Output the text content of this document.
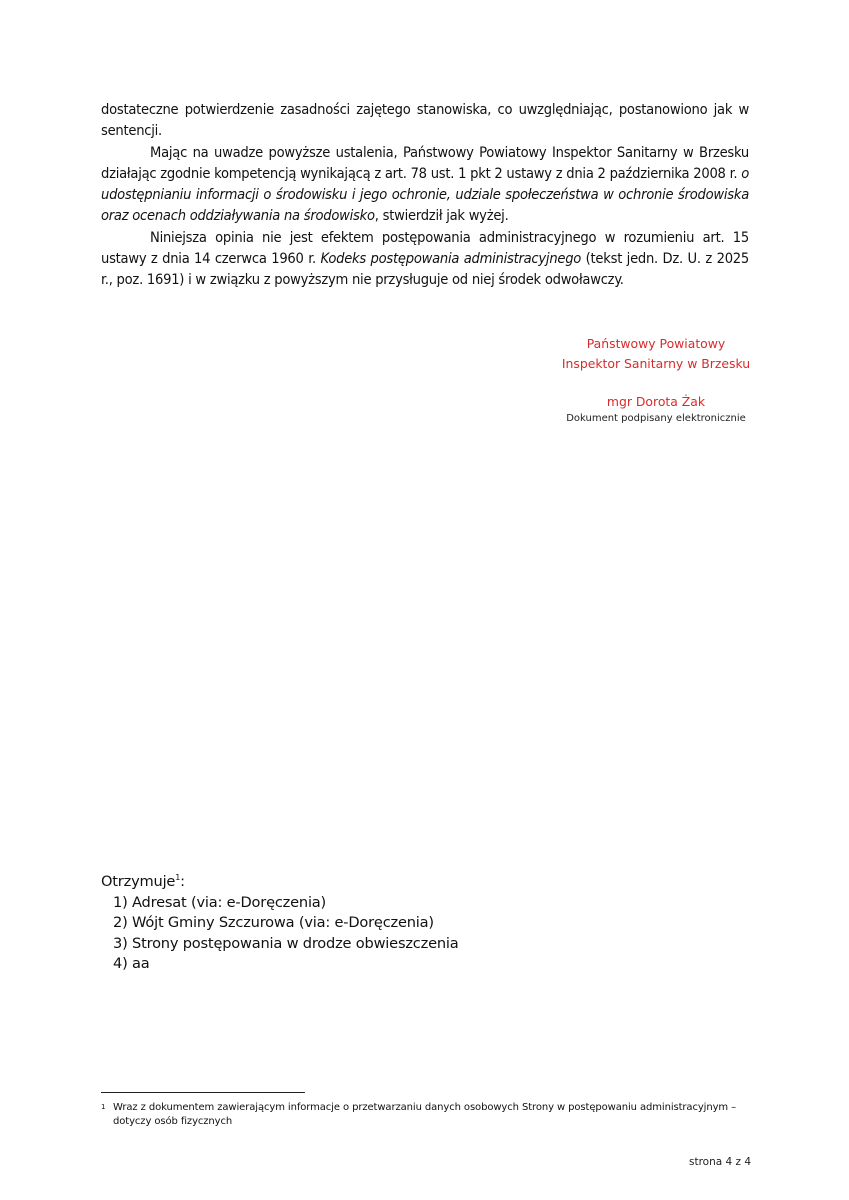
dostateczne potwierdzenie zasadności zajętego stanowiska, co uwzględniając, postanowiono jak w sentencji.

Mając na uwadze powyższe ustalenia, Państwowy Powiatowy Inspektor Sanitarny w Brzesku działając zgodnie kompetencją wynikającą z art. 78 ust. 1 pkt 2 ustawy z dnia 2 października 2008 r. o udostępnianiu informacji o środowisku i jego ochronie, udziale społeczeństwa w ochronie środowiska oraz ocenach oddziaływania na środowisko, stwierdził jak wyżej.

Niniejsza opinia nie jest efektem postępowania administracyjnego w rozumieniu art. 15 ustawy z dnia 14 czerwca 1960 r. Kodeks postępowania administracyjnego (tekst jedn. Dz. U. z 2025 r., poz. 1691) i w związku z powyższym nie przysługuje od niej środek odwoławczy.

Państwowy Powiatowy
Inspektor Sanitarny w Brzesku
mgr Dorota Żak
Dokument podpisany elektronicznie
Otrzymuje$^1$:
1) Adresat (via: e-Doręczenia)
2) Wójt Gminy Szczurowa (via: e-Doręczenia)
3) Strony postępowania w drodze obwieszczenia
4) aa
1 Wraz z dokumentem zawierającym informacje o przetwarzaniu danych osobowych Strony w postępowaniu administracyjnym – dotyczy osób fizycznych
strona 4 z 4
